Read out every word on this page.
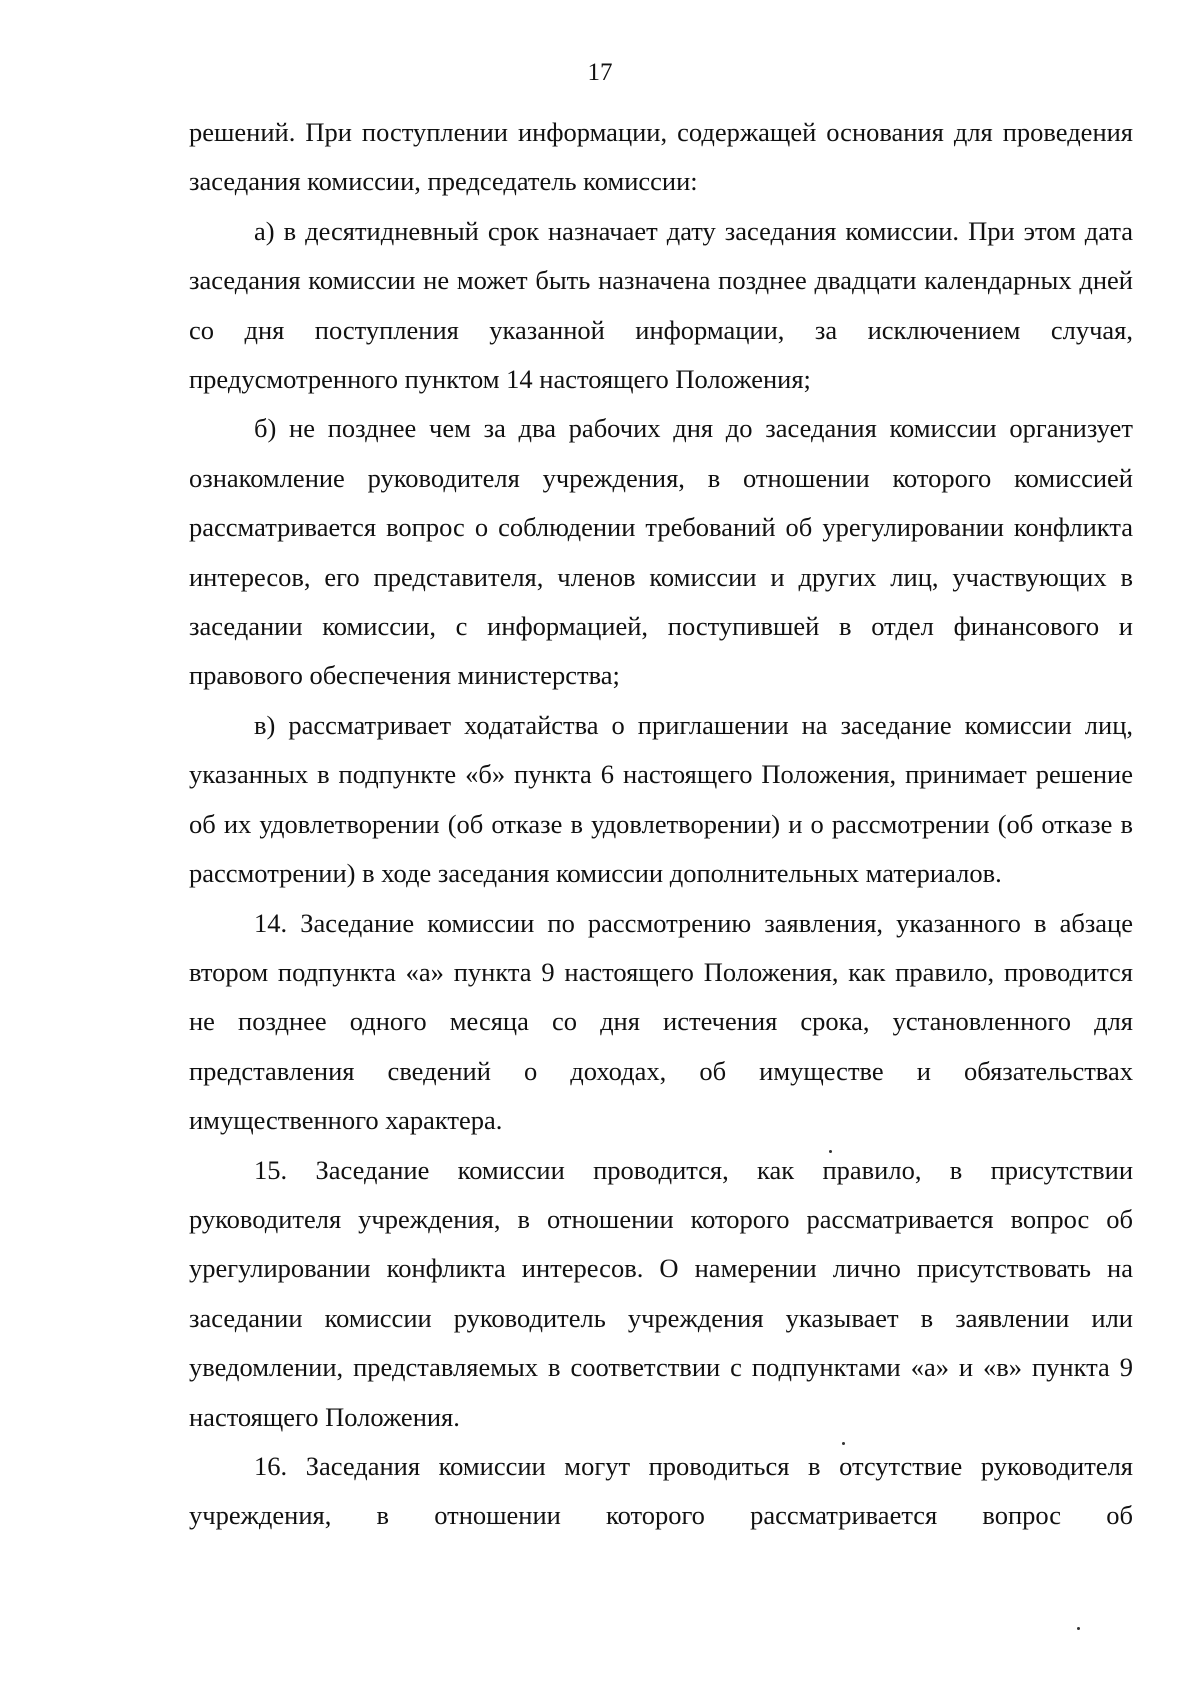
17

решений. При поступлении информации, содержащей основания для проведения заседания комиссии, председатель комиссии:

а) в десятидневный срок назначает дату заседания комиссии. При этом дата заседания комиссии не может быть назначена позднее двадцати календарных дней со дня поступления указанной информации, за исключением случая, предусмотренного пунктом 14 настоящего Положения;

б) не позднее чем за два рабочих дня до заседания комиссии организует ознакомление руководителя учреждения, в отношении которого комиссией рассматривается вопрос о соблюдении требований об урегулировании конфликта интересов, его представителя, членов комиссии и других лиц, участвующих в заседании комиссии, с информацией, поступившей в отдел финансового и правового обеспечения министерства;

в) рассматривает ходатайства о приглашении на заседание комиссии лиц, указанных в подпункте «б» пункта 6 настоящего Положения, принимает решение об их удовлетворении (об отказе в удовлетворении) и о рассмотрении (об отказе в рассмотрении) в ходе заседания комиссии дополнительных материалов.

14. Заседание комиссии по рассмотрению заявления, указанного в абзаце втором подпункта «а» пункта 9 настоящего Положения, как правило, проводится не позднее одного месяца со дня истечения срока, установленного для представления сведений о доходах, об имуществе и обязательствах имущественного характера.

15. Заседание комиссии проводится, как правило, в присутствии руководителя учреждения, в отношении которого рассматривается вопрос об урегулировании конфликта интересов. О намерении лично присутствовать на заседании комиссии руководитель учреждения указывает в заявлении или уведомлении, представляемых в соответствии с подпунктами «а» и «в» пункта 9 настоящего Положения.

16. Заседания комиссии могут проводиться в отсутствие руководителя учреждения, в отношении которого рассматривается вопрос об
